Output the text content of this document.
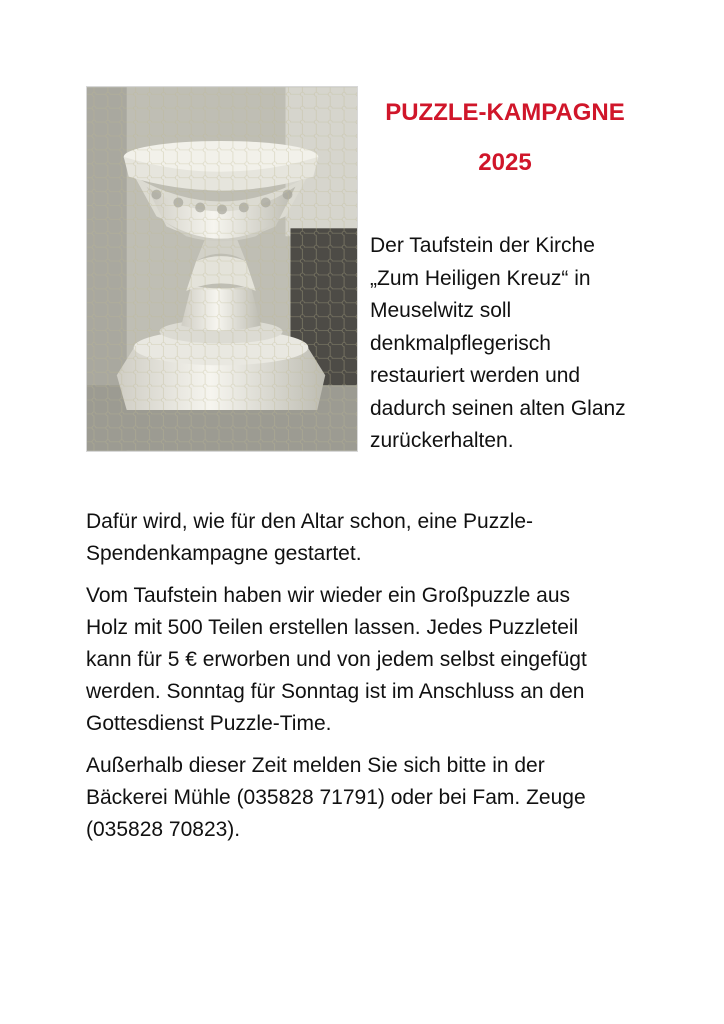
PUZZLE-KAMPAGNE
2025
Der Taufstein der Kirche
„Zum Heiligen Kreuz“ in
Meuselwitz soll
denkmalpflegerisch
restauriert werden und
dadurch seinen alten Glanz
zurückerhalten.

Dafür wird, wie für den Altar schon, eine Puzzle-
Spendenkampagne gestartet.

Vom Taufstein haben wir wieder ein Großpuzzle aus
Holz mit 500 Teilen erstellen lassen. Jedes Puzzleteil
kann für 5 € erworben und von jedem selbst eingefügt
werden. Sonntag für Sonntag ist im Anschluss an den
Gottesdienst Puzzle-Time.

Außerhalb dieser Zeit melden Sie sich bitte in der
Bäckerei Mühle (035828 71791) oder bei Fam. Zeuge
(035828 70823).
